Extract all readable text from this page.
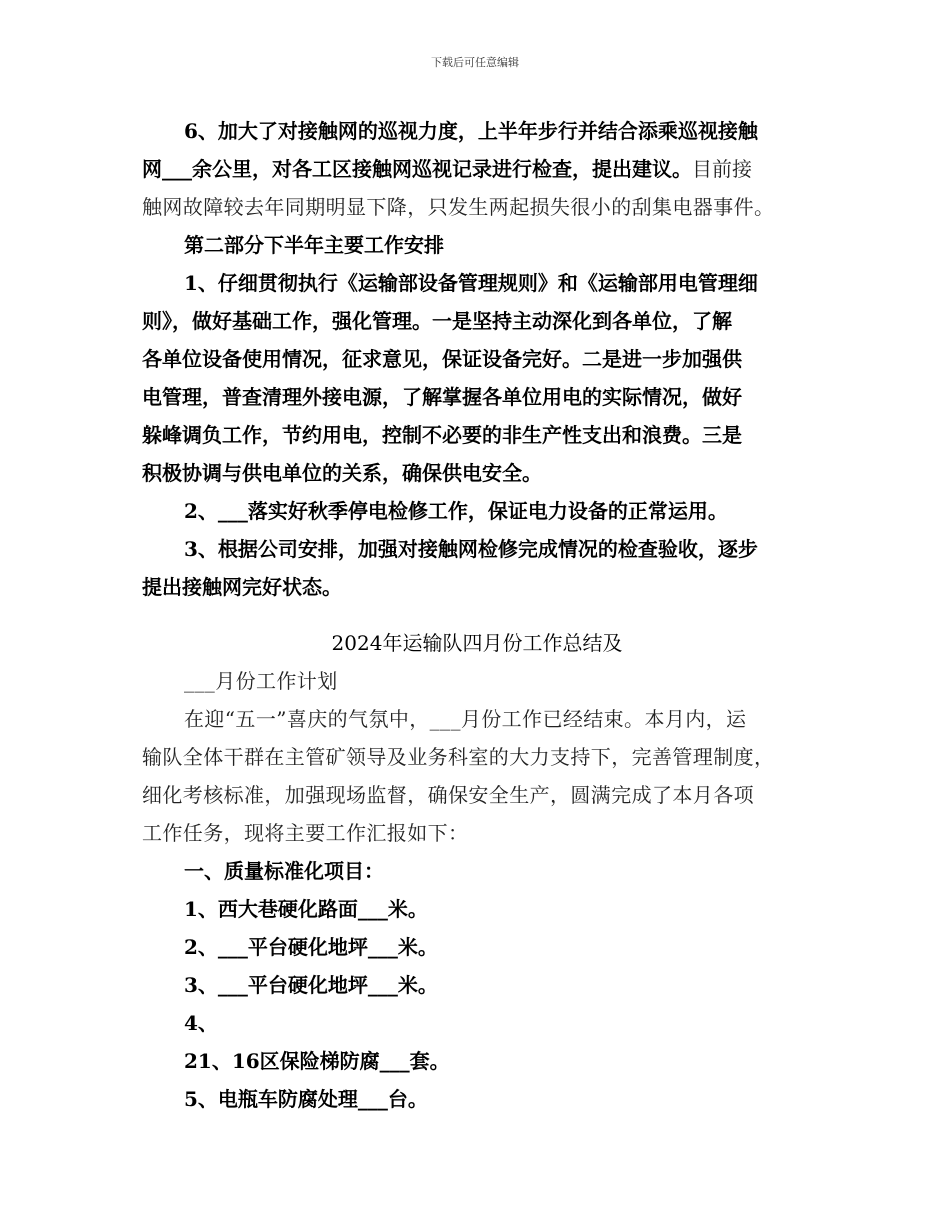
下载后可任意编辑
6、加大了对接触网的巡视力度，上半年步行并结合添乘巡视接触
网___余公里，对各工区接触网巡视记录进行检查，提出建议。目前接
触网故障较去年同期明显下降，只发生两起损失很小的刮集电器事件。
第二部分下半年主要工作安排
1、仔细贯彻执行《运输部设备管理规则》和《运输部用电管理细
则》，做好基础工作，强化管理。一是坚持主动深化到各单位，了解
各单位设备使用情况，征求意见，保证设备完好。二是进一步加强供
电管理，普查清理外接电源，了解掌握各单位用电的实际情况，做好
躲峰调负工作，节约用电，控制不必要的非生产性支出和浪费。三是
积极协调与供电单位的关系，确保供电安全。
2、___落实好秋季停电检修工作，保证电力设备的正常运用。
3、根据公司安排，加强对接触网检修完成情况的检查验收，逐步
提出接触网完好状态。
2024年运输队四月份工作总结及
___月份工作计划
在迎“五一”喜庆的气氛中，___月份工作已经结束。本月内，运
输队全体干群在主管矿领导及业务科室的大力支持下，完善管理制度，
细化考核标准，加强现场监督，确保安全生产，圆满完成了本月各项
工作任务，现将主要工作汇报如下：
一、质量标准化项目：
1、西大巷硬化路面___米。
2、___平台硬化地坪___米。
3、___平台硬化地坪___米。
4、
21、16区保险梯防腐___套。
5、电瓶车防腐处理___台。
